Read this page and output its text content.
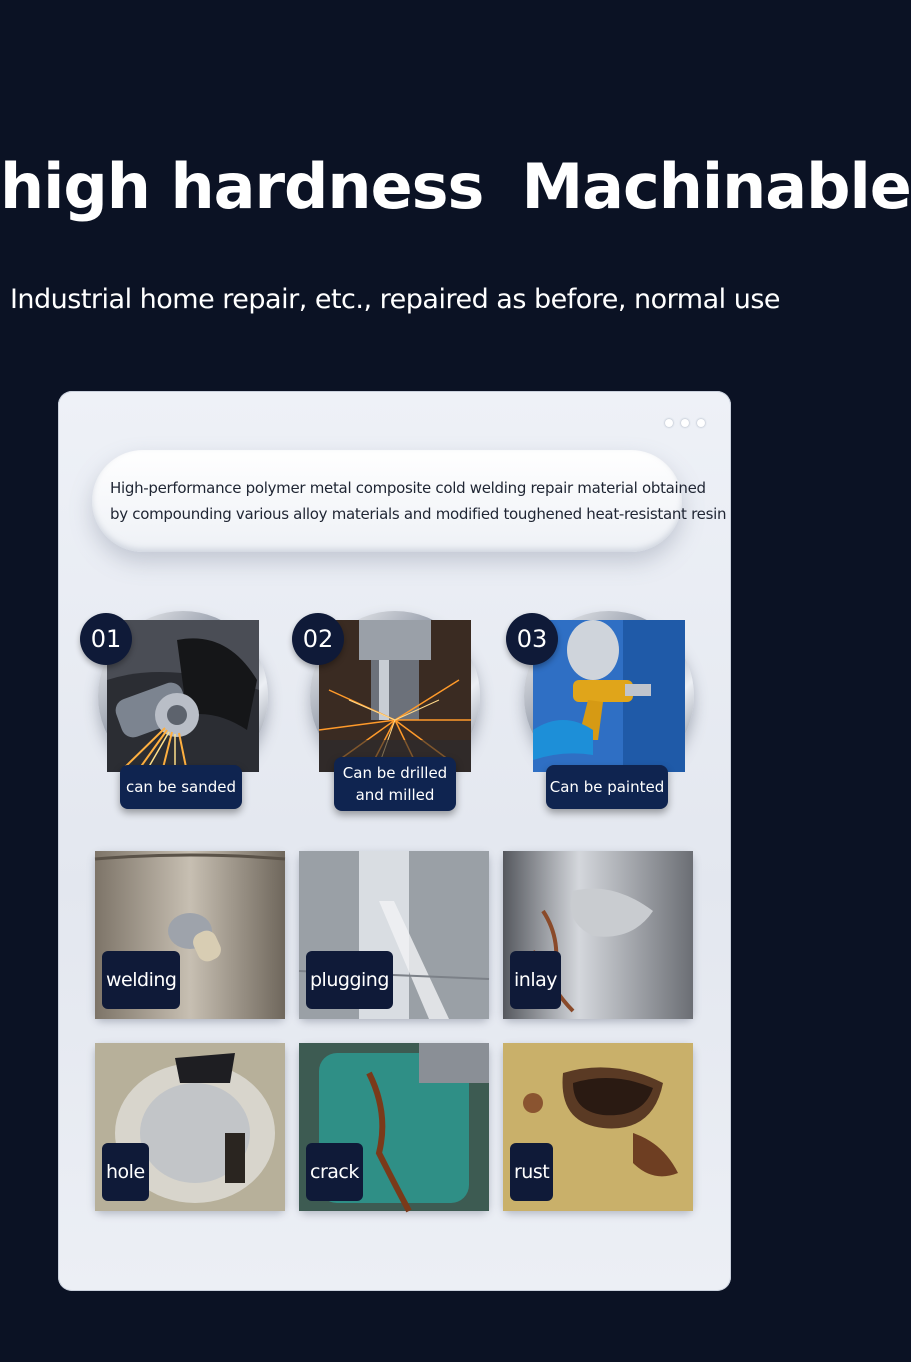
high hardness Machinable
Industrial home repair, etc., repaired as before, normal use
High-performance polymer metal composite cold welding repair material obtained
by compounding various alloy materials and modified toughened heat-resistant resin
01
can be sanded
02
Can be drilled
and milled
03
Can be painted
welding	plugging	inlay
hole	crack	rust
